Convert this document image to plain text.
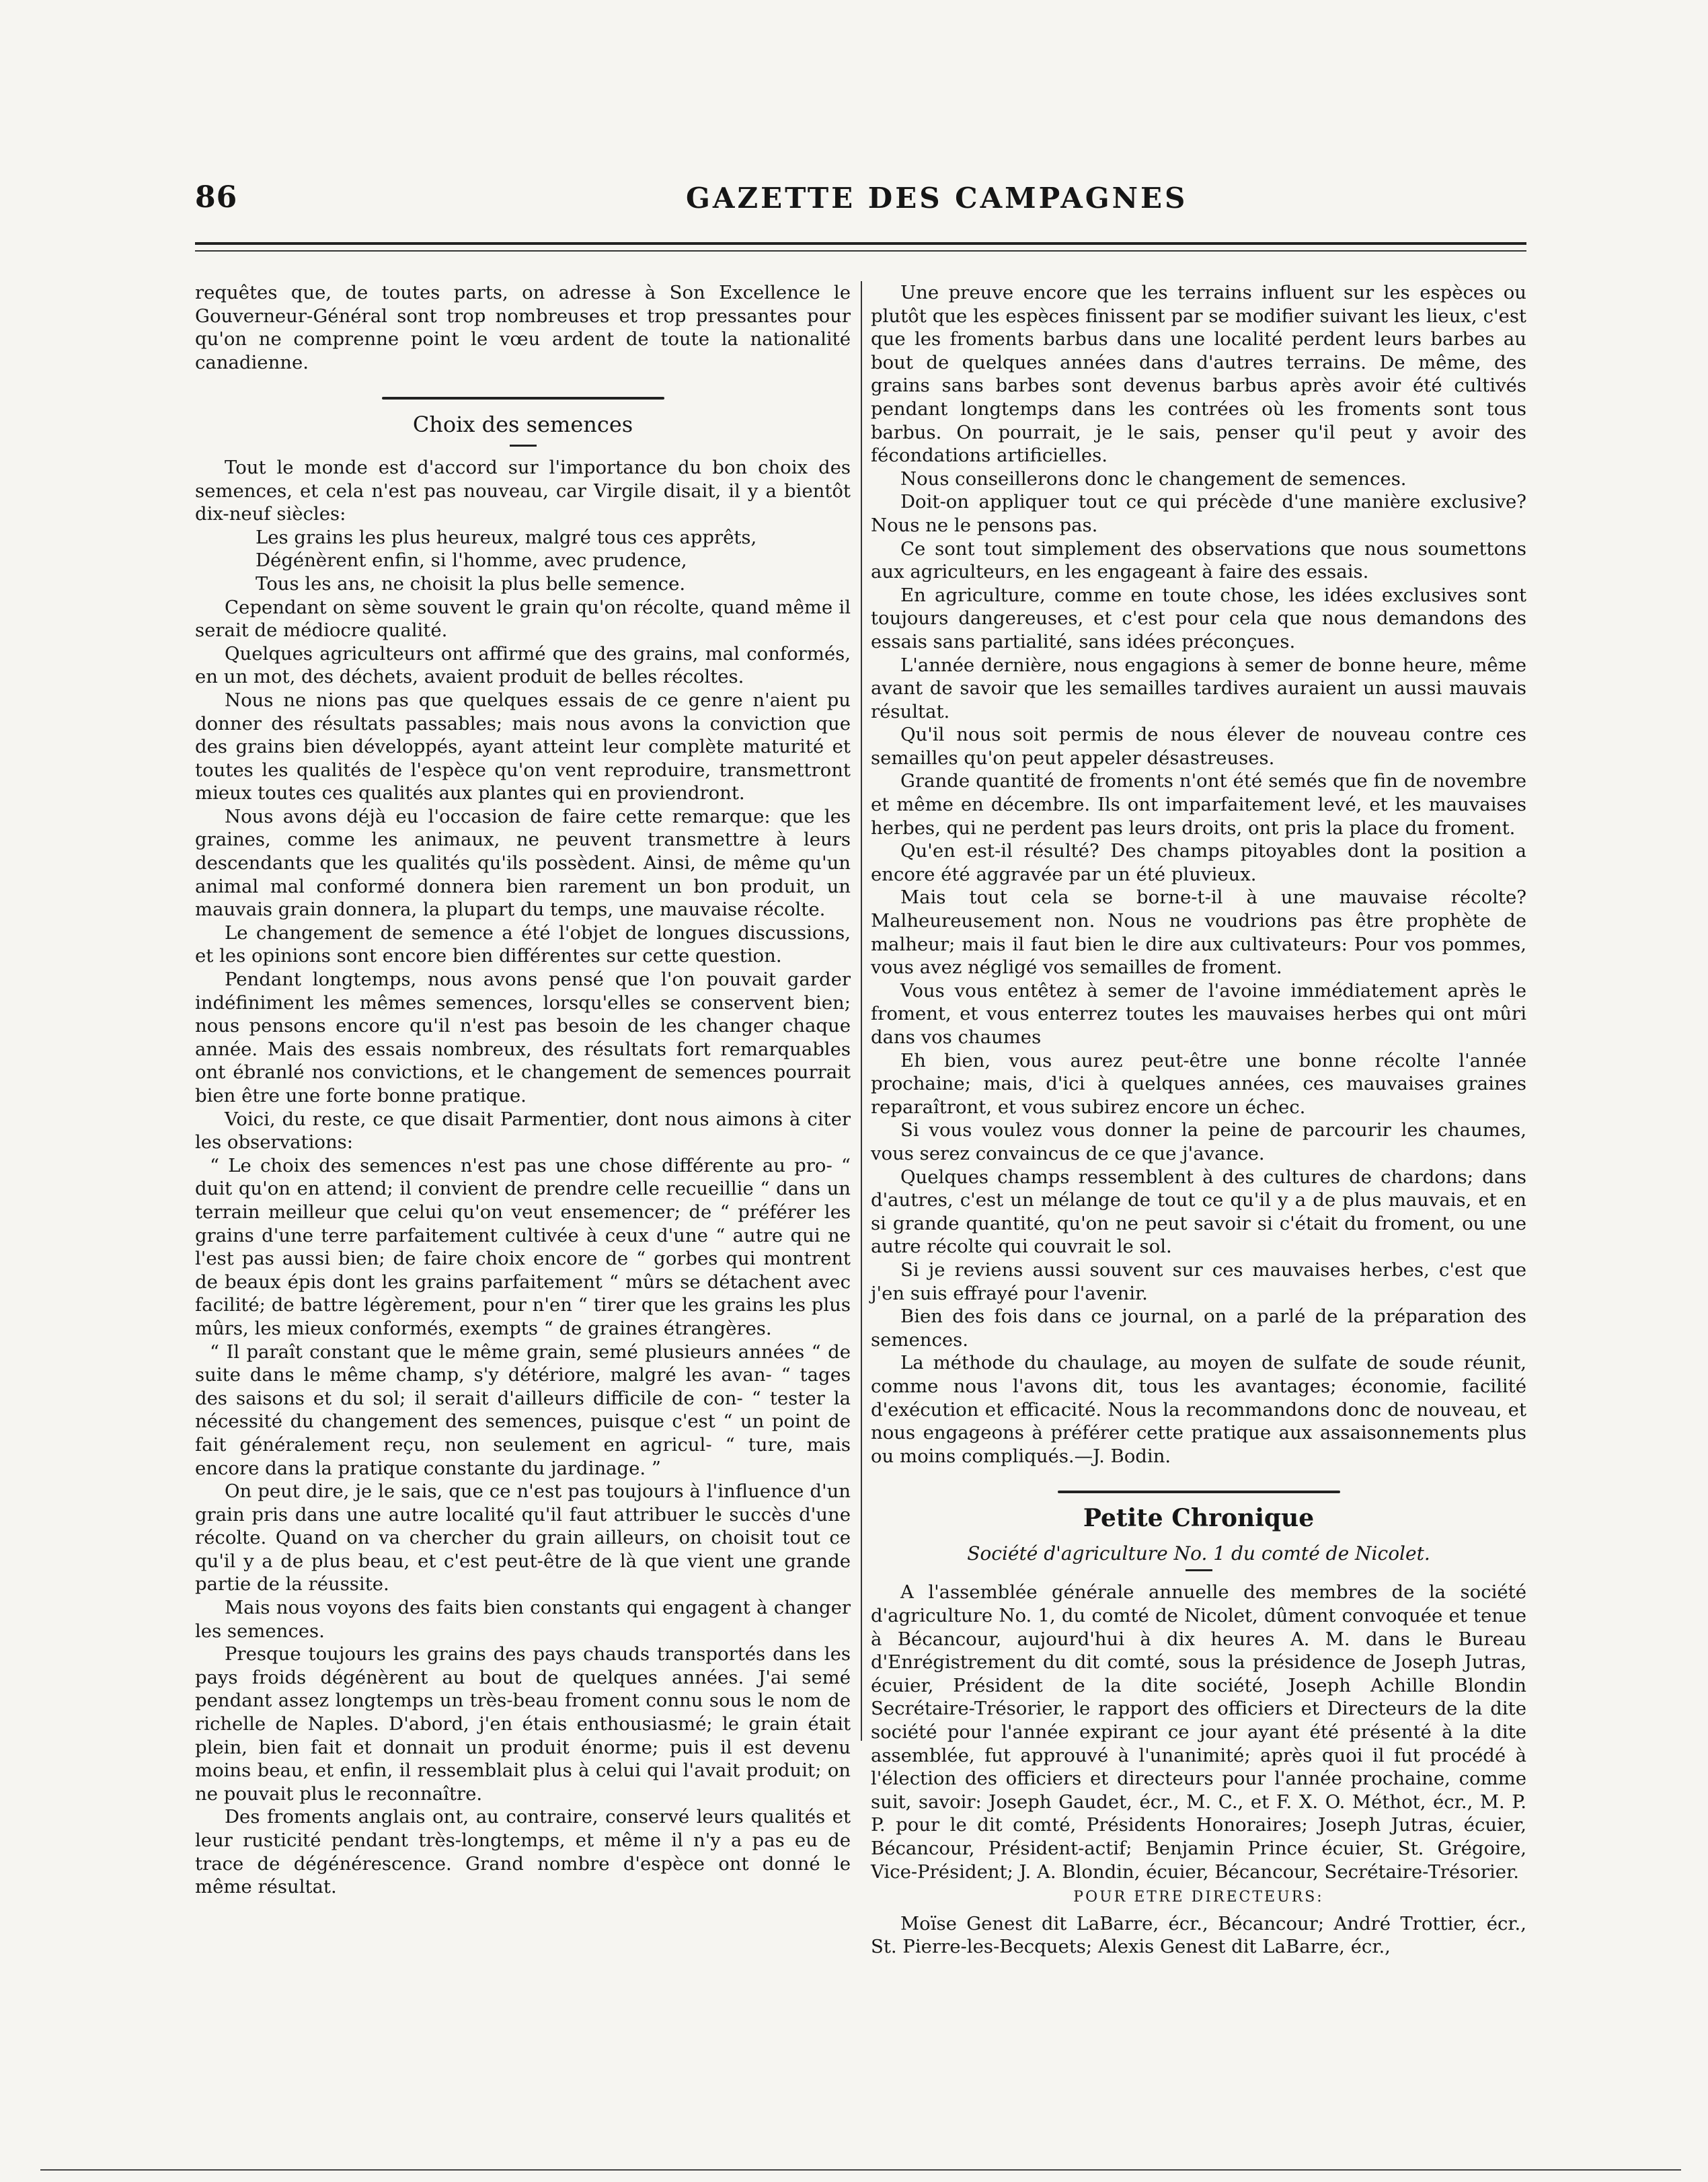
86	GAZETTE DES CAMPAGNES

requêtes que, de toutes parts, on adresse à Son Excellence le Gouverneur-Général sont trop nombreuses et trop pressantes pour qu'on ne comprenne point le vœu ardent de toute la nationalité canadienne.

Choix des semences

Tout le monde est d'accord sur l'importance du bon choix des semences, et cela n'est pas nouveau, car Virgile disait, il y a bientôt dix-neuf siècles:

Les grains les plus heureux, malgré tous ces apprêts,

Dégénèrent enfin, si l'homme, avec prudence,

Tous les ans, ne choisit la plus belle semence.

Cependant on sème souvent le grain qu'on récolte, quand même il serait de médiocre qualité.

Quelques agriculteurs ont affirmé que des grains, mal conformés, en un mot, des déchets, avaient produit de belles récoltes.

Nous ne nions pas que quelques essais de ce genre n'aient pu donner des résultats passables; mais nous avons la conviction que des grains bien développés, ayant atteint leur complète maturité et toutes les qualités de l'espèce qu'on vent reproduire, transmettront mieux toutes ces qualités aux plantes qui en proviendront.

Nous avons déjà eu l'occasion de faire cette remarque: que les graines, comme les animaux, ne peuvent transmettre à leurs descendants que les qualités qu'ils possèdent. Ainsi, de même qu'un animal mal conformé donnera bien rarement un bon produit, un mauvais grain donnera, la plupart du temps, une mauvaise récolte.

Le changement de semence a été l'objet de longues discussions, et les opinions sont encore bien différentes sur cette question.

Pendant longtemps, nous avons pensé que l'on pouvait garder indéfiniment les mêmes semences, lorsqu'elles se conservent bien; nous pensons encore qu'il n'est pas besoin de les changer chaque année. Mais des essais nombreux, des résultats fort remarquables ont ébranlé nos convictions, et le changement de semences pourrait bien être une forte bonne pratique.

Voici, du reste, ce que disait Parmentier, dont nous aimons à citer les observations:

“ Le choix des semences n'est pas une chose différente au pro- “ duit qu'on en attend; il convient de prendre celle recueillie “ dans un terrain meilleur que celui qu'on veut ensemencer; de “ préférer les grains d'une terre parfaitement cultivée à ceux d'une “ autre qui ne l'est pas aussi bien; de faire choix encore de “ gorbes qui montrent de beaux épis dont les grains parfaitement “ mûrs se détachent avec facilité; de battre légèrement, pour n'en “ tirer que les grains les plus mûrs, les mieux conformés, exempts “ de graines étrangères.

“ Il paraît constant que le même grain, semé plusieurs années “ de suite dans le même champ, s'y détériore, malgré les avan- “ tages des saisons et du sol; il serait d'ailleurs difficile de con- “ tester la nécessité du changement des semences, puisque c'est “ un point de fait généralement reçu, non seulement en agricul- “ ture, mais encore dans la pratique constante du jardinage. ”

On peut dire, je le sais, que ce n'est pas toujours à l'influence d'un grain pris dans une autre localité qu'il faut attribuer le succès d'une récolte. Quand on va chercher du grain ailleurs, on choisit tout ce qu'il y a de plus beau, et c'est peut-être de là que vient une grande partie de la réussite.

Mais nous voyons des faits bien constants qui engagent à changer les semences.

Presque toujours les grains des pays chauds transportés dans les pays froids dégénèrent au bout de quelques années. J'ai semé pendant assez longtemps un très-beau froment connu sous le nom de richelle de Naples. D'abord, j'en étais enthousiasmé; le grain était plein, bien fait et donnait un produit énorme; puis il est devenu moins beau, et enfin, il ressemblait plus à celui qui l'avait produit; on ne pouvait plus le reconnaître.

Des froments anglais ont, au contraire, conservé leurs qualités et leur rusticité pendant très-longtemps, et même il n'y a pas eu de trace de dégénérescence. Grand nombre d'espèce ont donné le même résultat.

Une preuve encore que les terrains influent sur les espèces ou plutôt que les espèces finissent par se modifier suivant les lieux, c'est que les froments barbus dans une localité perdent leurs barbes au bout de quelques années dans d'autres terrains. De même, des grains sans barbes sont devenus barbus après avoir été cultivés pendant longtemps dans les contrées où les froments sont tous barbus. On pourrait, je le sais, penser qu'il peut y avoir des fécondations artificielles.

Nous conseillerons donc le changement de semences.

Doit-on appliquer tout ce qui précède d'une manière exclusive? Nous ne le pensons pas.

Ce sont tout simplement des observations que nous soumettons aux agriculteurs, en les engageant à faire des essais.

En agriculture, comme en toute chose, les idées exclusives sont toujours dangereuses, et c'est pour cela que nous demandons des essais sans partialité, sans idées préconçues.

L'année dernière, nous engagions à semer de bonne heure, même avant de savoir que les semailles tardives auraient un aussi mauvais résultat.

Qu'il nous soit permis de nous élever de nouveau contre ces semailles qu'on peut appeler désastreuses.

Grande quantité de froments n'ont été semés que fin de novembre et même en décembre. Ils ont imparfaitement levé, et les mauvaises herbes, qui ne perdent pas leurs droits, ont pris la place du froment.

Qu'en est-il résulté? Des champs pitoyables dont la position a encore été aggravée par un été pluvieux.

Mais tout cela se borne-t-il à une mauvaise récolte? Malheureusement non. Nous ne voudrions pas être prophète de malheur; mais il faut bien le dire aux cultivateurs: Pour vos pommes, vous avez négligé vos semailles de froment.

Vous vous entêtez à semer de l'avoine immédiatement après le froment, et vous enterrez toutes les mauvaises herbes qui ont mûri dans vos chaumes

Eh bien, vous aurez peut-être une bonne récolte l'année prochaine; mais, d'ici à quelques années, ces mauvaises graines reparaîtront, et vous subirez encore un échec.

Si vous voulez vous donner la peine de parcourir les chaumes, vous serez convaincus de ce que j'avance.

Quelques champs ressemblent à des cultures de chardons; dans d'autres, c'est un mélange de tout ce qu'il y a de plus mauvais, et en si grande quantité, qu'on ne peut savoir si c'était du froment, ou une autre récolte qui couvrait le sol.

Si je reviens aussi souvent sur ces mauvaises herbes, c'est que j'en suis effrayé pour l'avenir.

Bien des fois dans ce journal, on a parlé de la préparation des semences.

La méthode du chaulage, au moyen de sulfate de soude réunit, comme nous l'avons dit, tous les avantages; économie, facilité d'exécution et efficacité. Nous la recommandons donc de nouveau, et nous engageons à préférer cette pratique aux assaisonnements plus ou moins compliqués.—J. Bodin.

Petite Chronique
Société d'agriculture No. 1 du comté de Nicolet.

A l'assemblée générale annuelle des membres de la société d'agriculture No. 1, du comté de Nicolet, dûment convoquée et tenue à Bécancour, aujourd'hui à dix heures A. M. dans le Bureau d'Enrégistrement du dit comté, sous la présidence de Joseph Jutras, écuier, Président de la dite société, Joseph Achille Blondin Secrétaire-Trésorier, le rapport des officiers et Directeurs de la dite société pour l'année expirant ce jour ayant été présenté à la dite assemblée, fut approuvé à l'unanimité; après quoi il fut procédé à l'élection des officiers et directeurs pour l'année prochaine, comme suit, savoir: Joseph Gaudet, écr., M. C., et F. X. O. Méthot, écr., M. P. P. pour le dit comté, Présidents Honoraires; Joseph Jutras, écuier, Bécancour, Président-actif; Benjamin Prince écuier, St. Grégoire, Vice-Président; J. A. Blondin, écuier, Bécancour, Secrétaire-Trésorier.

POUR ETRE DIRECTEURS:

Moïse Genest dit LaBarre, écr., Bécancour; André Trottier, écr., St. Pierre-les-Becquets; Alexis Genest dit LaBarre, écr.,
